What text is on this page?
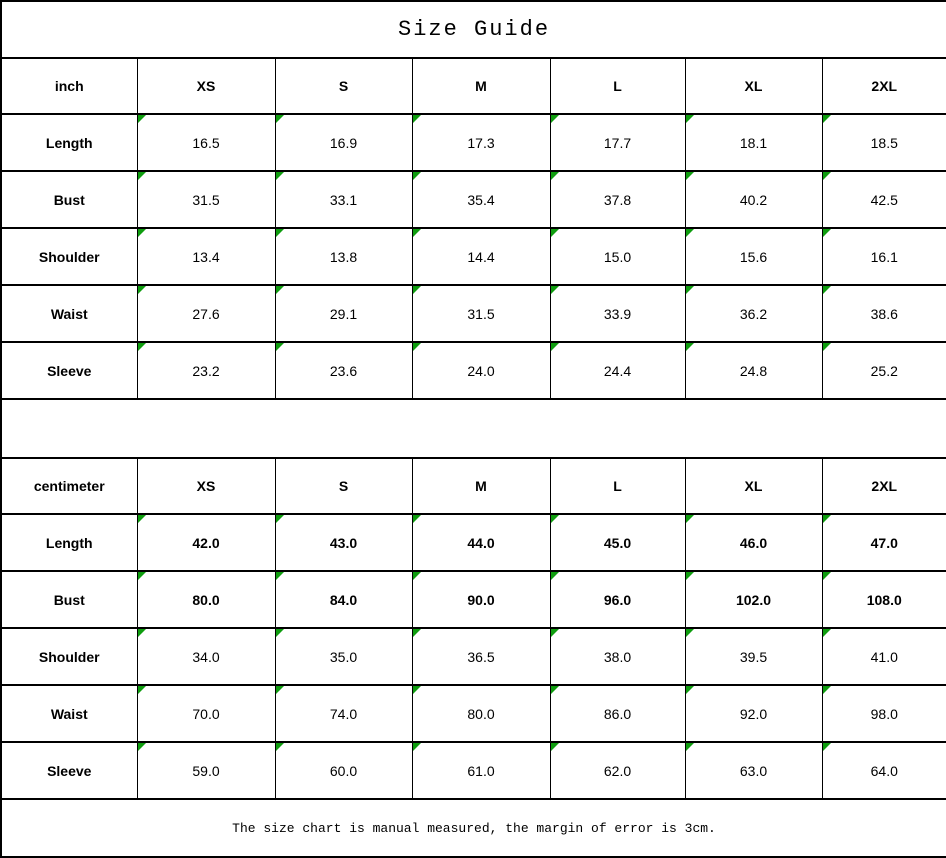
Size Guide						
inch	XS	S	M	L	XL	2XL
Length	16.5	16.9	17.3	17.7	18.1	18.5

Bust	31.5	33.1	35.4	37.8	40.2	42.5

Shoulder	13.4	13.8	14.4	15.0	15.6	16.1

Waist	27.6	29.1	31.5	33.9	36.2	38.6

Sleeve	23.2	23.6	24.0	24.4	24.8	25.2

centimeter	XS	S	M	L	XL	2XL
Length	42.0	43.0	44.0	45.0	46.0	47.0

Bust	80.0	84.0	90.0	96.0	102.0	108.0

Shoulder	34.0	35.0	36.5	38.0	39.5	41.0

Waist	70.0	74.0	80.0	86.0	92.0	98.0

Sleeve	59.0	60.0	61.0	62.0	63.0	64.0

The size chart is manual measured, the margin of error is 3cm.						
